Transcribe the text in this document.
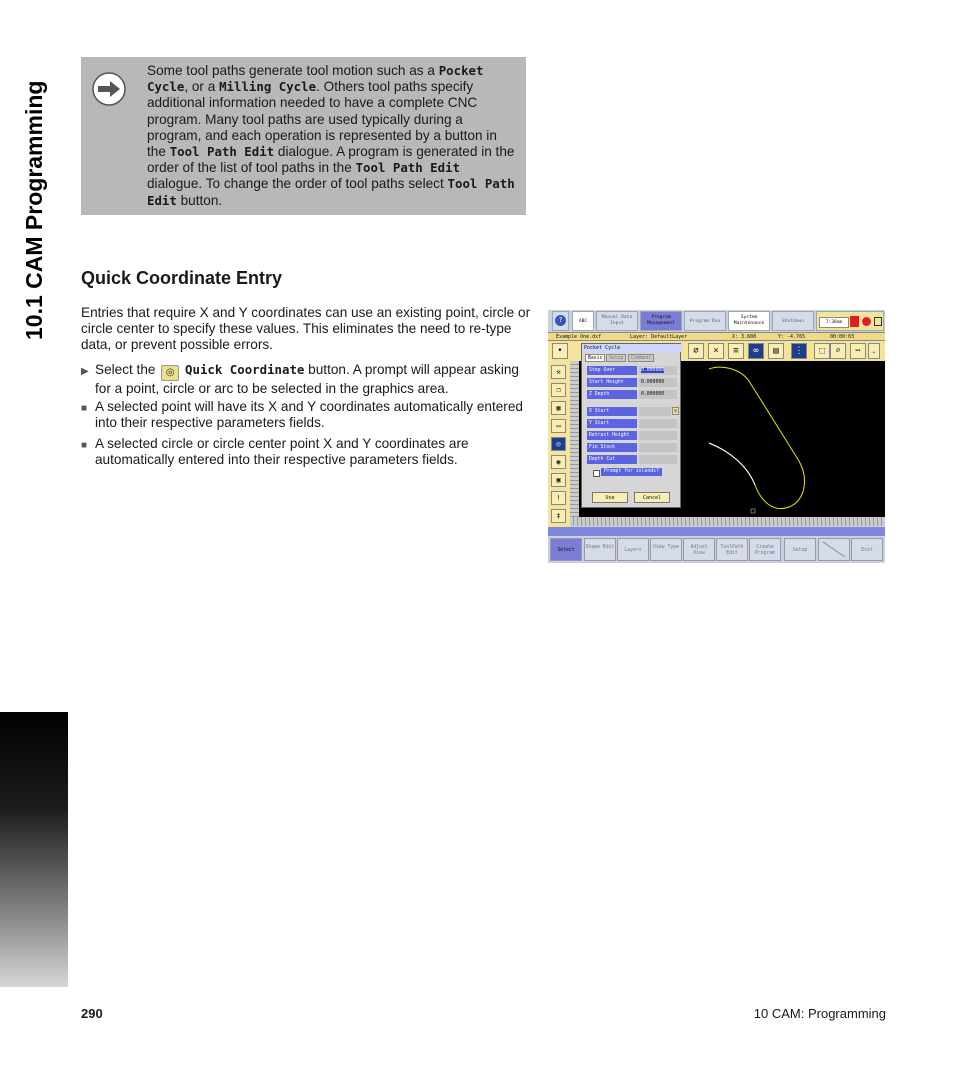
10.1 CAM Programming
Some tool paths generate tool motion such as a Pocket Cycle, or a Milling Cycle. Others tool paths specify additional information needed to have a complete CNC program. Many tool paths are used typically during a program, and each operation is represented by a button in the Tool Path Edit dialogue. A program is generated in the order of the list of tool paths in the Tool Path Edit dialogue. To change the order of tool paths select Tool Path Edit button.
Quick Coordinate Entry

Entries that require X and Y coordinates can use an existing point, circle or circle center to specify these values. This eliminates the need to re-type data, or prevent possible errors.

▶ Select the ◎ Quick Coordinate button. A prompt will appear asking for a point, circle or arc to be selected in the graphics area.
■ A selected point will have its X and Y coordinates automatically entered into their respective parameters fields.
■ A selected circle or circle center point X and Y coordinates are automatically entered into their respective parameters fields.
?	ABC
Manual Data Input
Program Management	Program Run
System Maintenance	Shutdown	7:38am
Example One.dxf	Layer: DefaultLayer	X: 3.608	Y: -4.765	00:00:03
•	∅	×	≡	∞	▤	⋮	⬚	⌕	⋯	.
⚒
❐
▦
▭
◎
◉
▣
!
‡
Pocket Cycle
Basic	Setup	Comment
Step Over	0.000000
Start Height	0.000000
Z Depth	0.000000
X Start	◎
Y Start
Retract Height
Fin Stock
Depth Cut
Prompt for islands?
Use	Cancel
Select
Shape Edit
Layers
View Type	Adjust View
ToolPath Edit
Create Program	Setup	Exit
290	10 CAM: Programming
